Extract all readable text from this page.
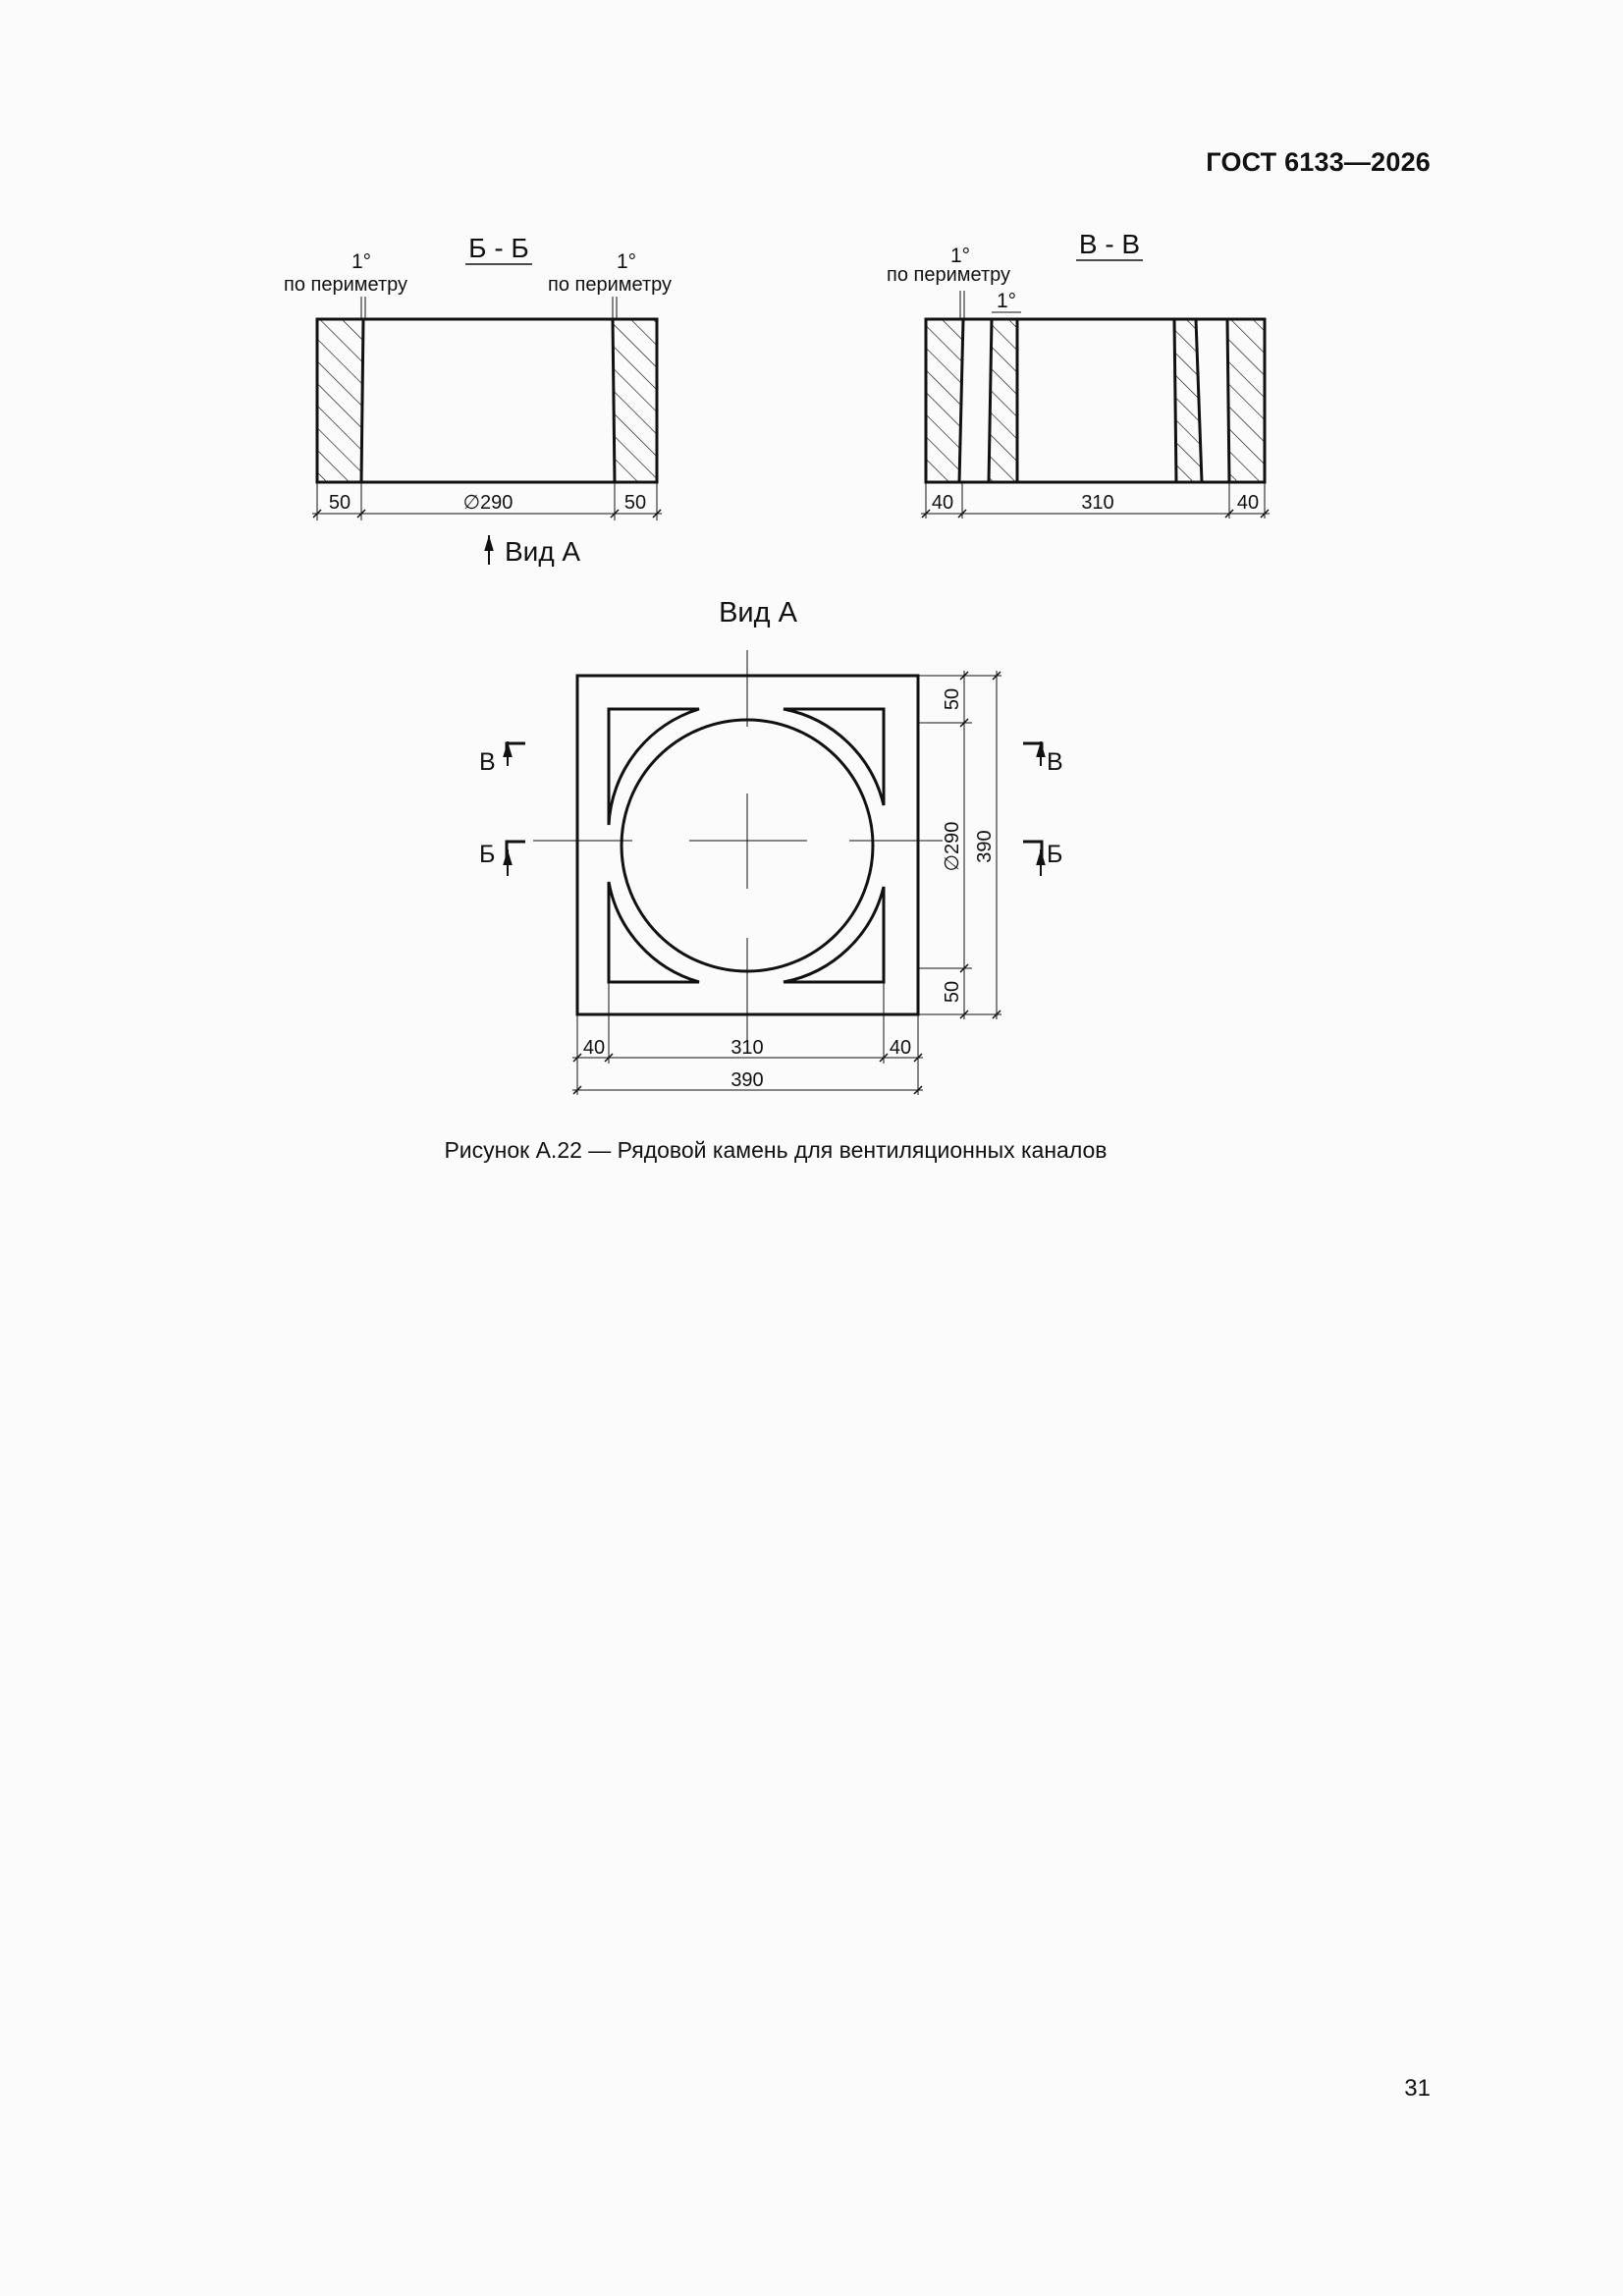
ГОСТ 6133—2026
Б - Б
1°
по периметру
1°
по периметру
50	∅290	50
Вид А
В - В
1°
по периметру
1°
40	310	40
Вид А
В
Б
В
Б
50
∅290
50
390
40	310	40
390
Рисунок А.22 — Рядовой камень для вентиляционных каналов
31
